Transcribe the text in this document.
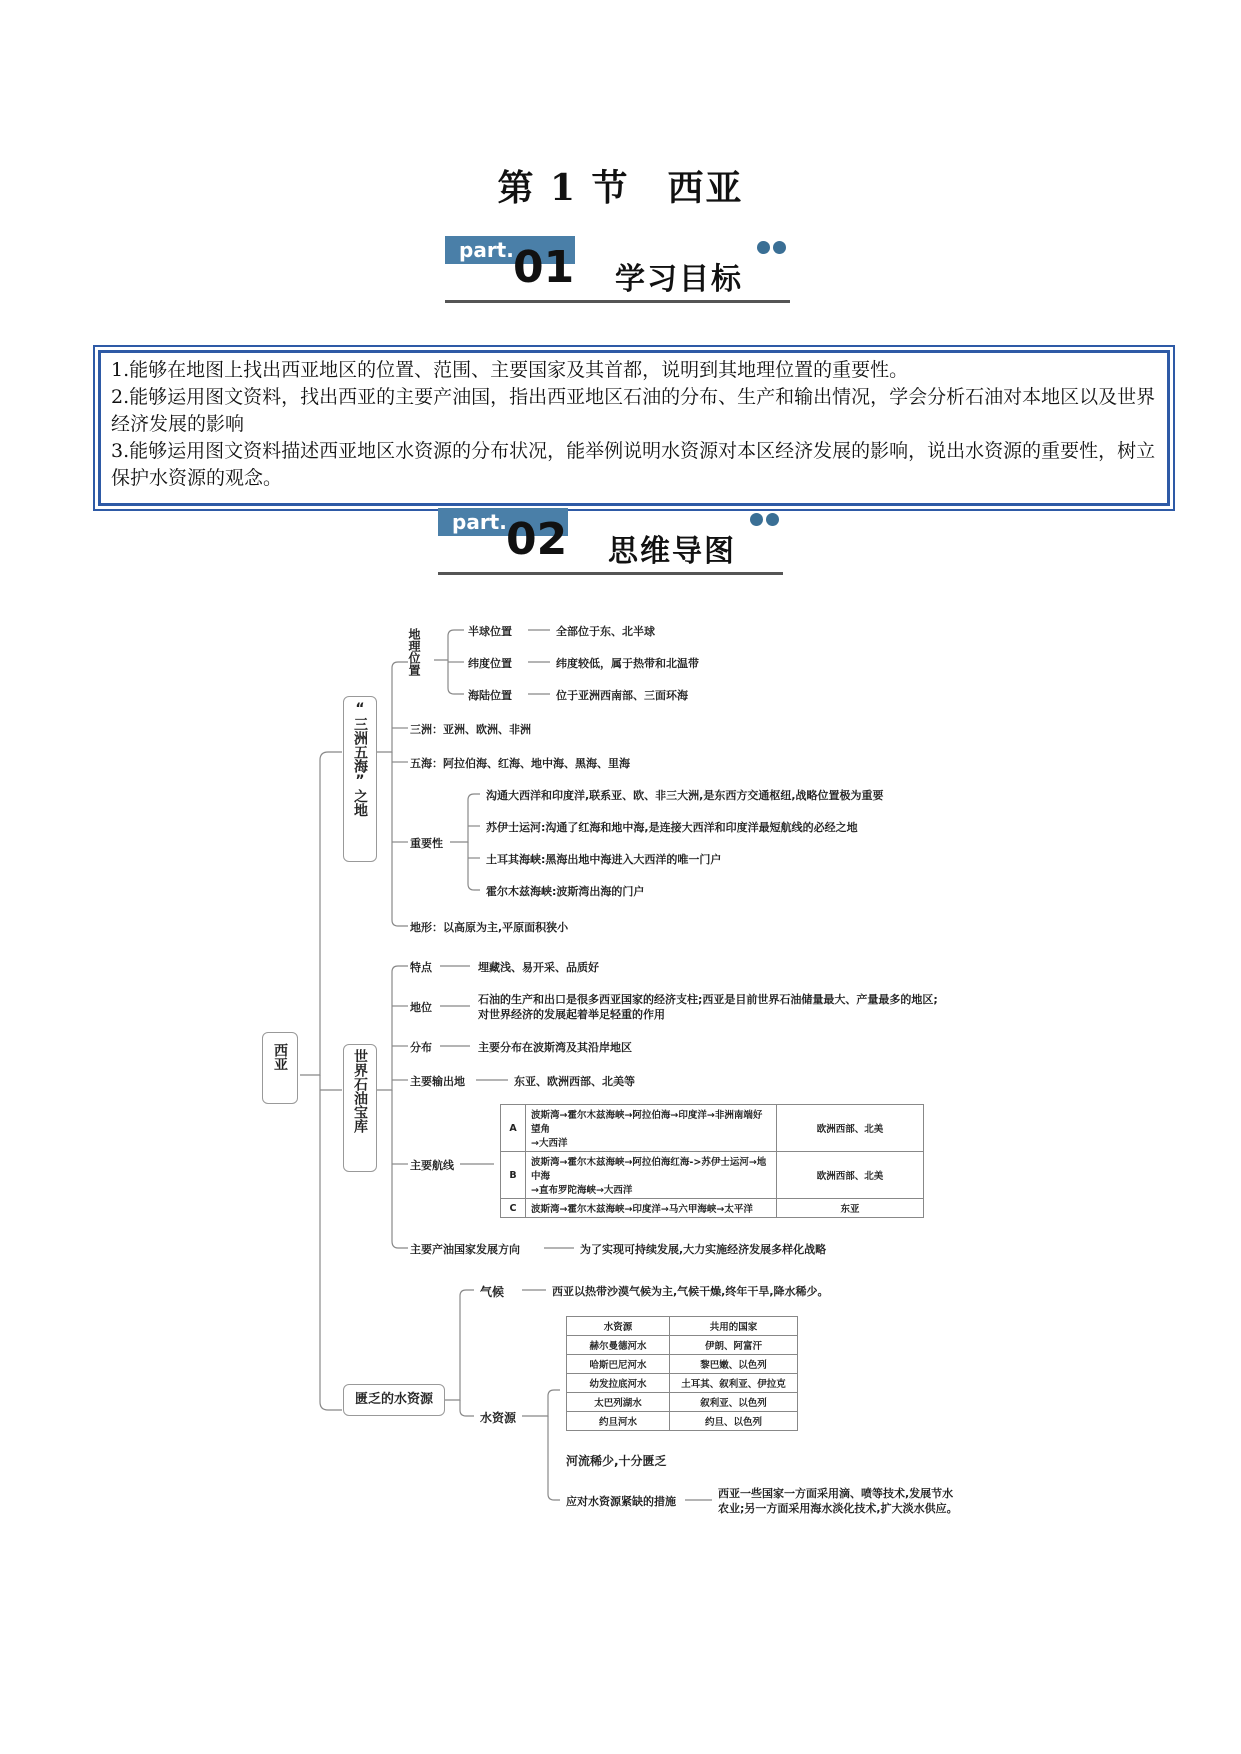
第 1 节　西亚
part. 01 学习目标

1.能够在地图上找出西亚地区的位置、范围、主要国家及其首都，说明到其地理位置的重要性。

2.能够运用图文资料，找出西亚的主要产油国，指出西亚地区石油的分布、生产和输出情况，学会分析石油对本地区以及世界经济发展的影响

3.能够运用图文资料描述西亚地区水资源的分布状况，能举例说明水资源对本区经济发展的影响，说出水资源的重要性，树立保护水资源的观念。

part. 02 思维导图
西亚
“三洲五海”之地
地理位置	半球位置	全部位于东、北半球
纬度位置	纬度较低，属于热带和北温带
海陆位置	位于亚洲西南部、三面环海
三洲：亚洲、欧洲、非洲
五海：阿拉伯海、红海、地中海、黑海、里海
重要性
沟通大西洋和印度洋,联系亚、欧、非三大洲,是东西方交通枢纽,战略位置极为重要
苏伊士运河:沟通了红海和地中海,是连接大西洋和印度洋最短航线的必经之地
土耳其海峡:黑海出地中海进入大西洋的唯一门户
霍尔木兹海峡:波斯湾出海的门户
地形：以高原为主,平原面积狭小
世界石油宝库
特点	埋藏浅、易开采、品质好
地位
石油的生产和出口是很多西亚国家的经济支柱;西亚是目前世界石油储量最大、产量最多的地区;
对世界经济的发展起着举足轻重的作用
分布	主要分布在波斯湾及其沿岸地区
主要输出地	东亚、欧洲西部、北美等
主要航线
A	波斯湾→霍尔木兹海峡→阿拉伯海→印度洋→非洲南端好望角
→大西洋	欧洲西部、北美
B	波斯湾→霍尔木兹海峡→阿拉伯海红海->苏伊士运河→地中海
→直布罗陀海峡→大西洋	欧洲西部、北美
C	波斯湾→霍尔木兹海峡→印度洋→马六甲海峡→太平洋	东亚
主要产油国家发展方向	为了实现可持续发展,大力实施经济发展多样化战略
匮乏的水资源
气候	西亚以热带沙漠气候为主,气候干燥,终年干旱,降水稀少。
水资源
水资源	共用的国家
赫尔曼德河水	伊朗、阿富汗
哈斯巴尼河水	黎巴嫩、以色列
幼发拉底河水	土耳其、叙利亚、伊拉克
太巴列湖水	叙利亚、以色列
约旦河水	约旦、以色列
河流稀少,十分匮乏
应对水资源紧缺的措施
西亚一些国家一方面采用滴、喷等技术,发展节水
农业;另一方面采用海水淡化技术,扩大淡水供应。
